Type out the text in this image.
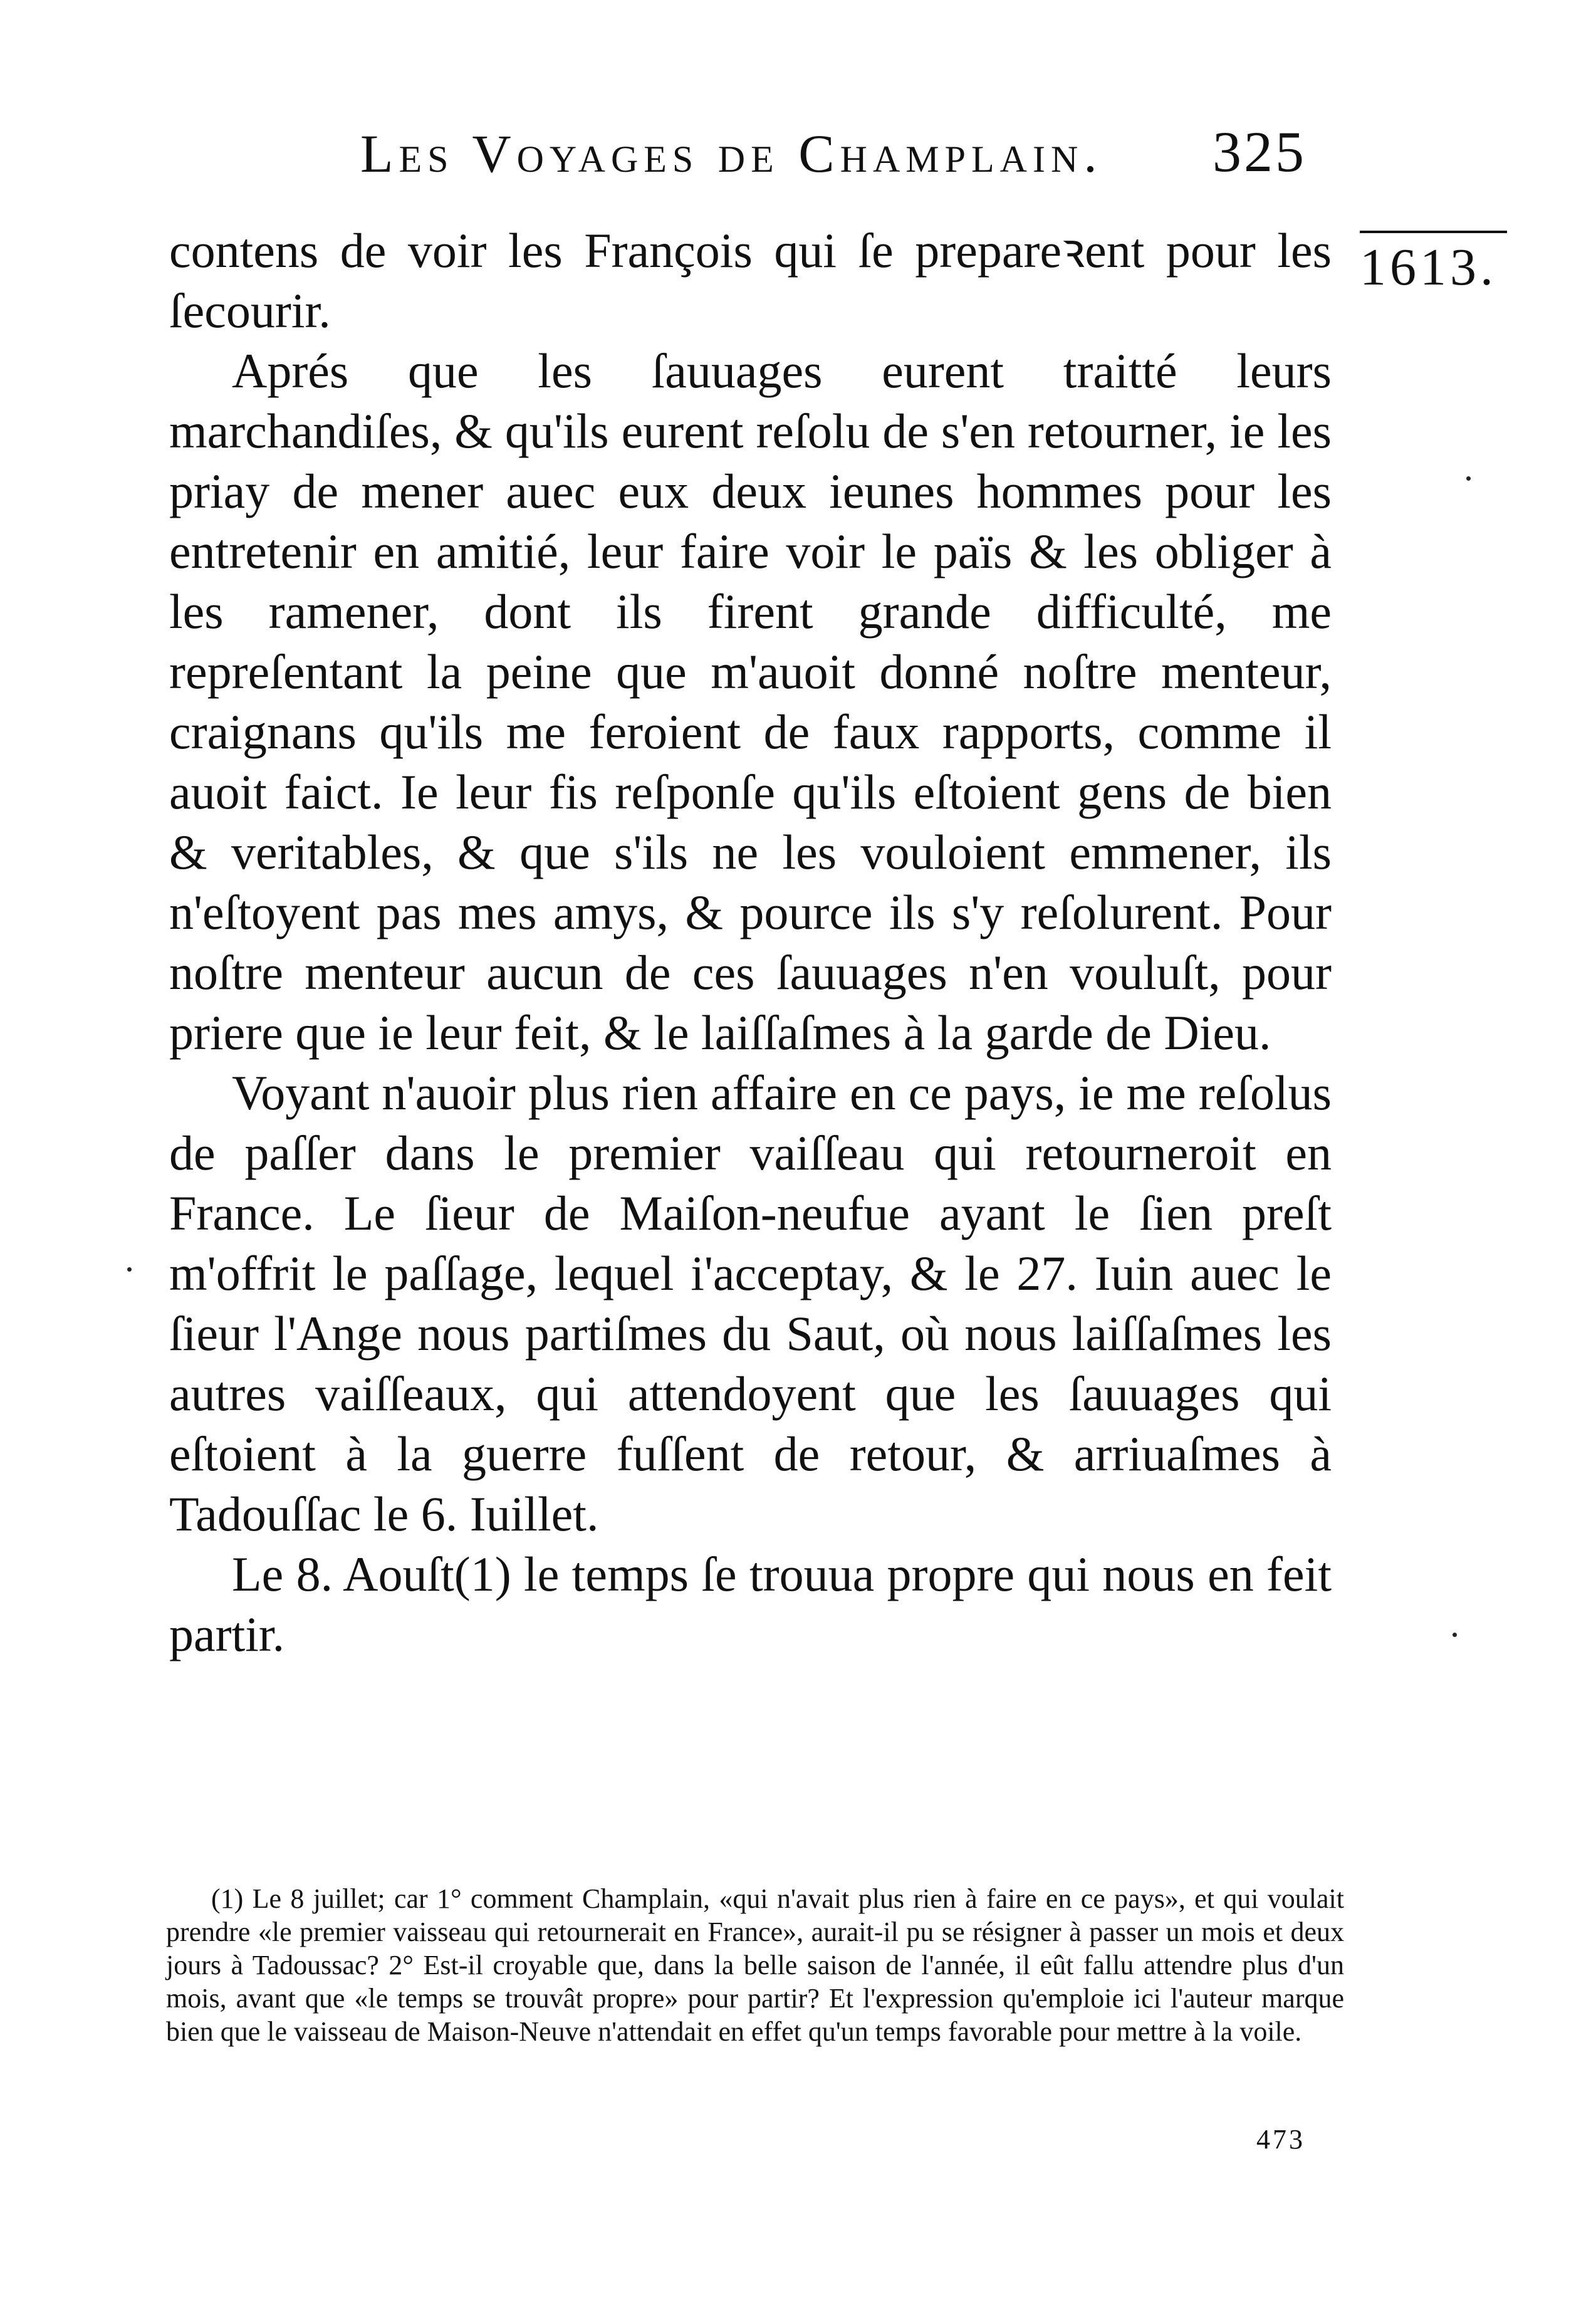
Les Voyages de Champlain. 325
1613.

contens de voir les François qui ſe prepareꝛent pour les ſecourir.

Aprés que les ſauuages eurent traitté leurs marchandiſes, & qu'ils eurent reſolu de s'en retourner, ie les priay de mener auec eux deux ieunes hommes pour les entretenir en amitié, leur faire voir le païs & les obliger à les ramener, dont ils firent grande difficulté, me repreſentant la peine que m'auoit donné noſtre menteur, craignans qu'ils me feroient de faux rapports, comme il auoit faict. Ie leur fis reſponſe qu'ils eſtoient gens de bien & veritables, & que s'ils ne les vouloient emmener, ils n'eſtoyent pas mes amys, & pource ils s'y reſolurent. Pour noſtre menteur aucun de ces ſauuages n'en vouluſt, pour priere que ie leur feit, & le laiſſaſmes à la garde de Dieu.

Voyant n'auoir plus rien affaire en ce pays, ie me reſolus de paſſer dans le premier vaiſſeau qui retourneroit en France. Le ſieur de Maiſon-neufue ayant le ſien preſt m'offrit le paſſage, lequel i'acceptay, & le 27. Iuin auec le ſieur l'Ange nous partiſmes du Saut, où nous laiſſaſmes les autres vaiſſeaux, qui attendoyent que les ſauuages qui eſtoient à la guerre fuſſent de retour, & arriuaſmes à Tadouſſac le 6. Iuillet.

Le 8. Aouſt(1) le temps ſe trouua propre qui nous en feit partir.

(1) Le 8 juillet; car 1° comment Champlain, «qui n'avait plus rien à faire en ce pays», et qui voulait prendre «le premier vaisseau qui retournerait en France», aurait-il pu se résigner à passer un mois et deux jours à Tadoussac? 2° Est-il croyable que, dans la belle saison de l'année, il eût fallu attendre plus d'un mois, avant que «le temps se trouvât propre» pour partir? Et l'expression qu'emploie ici l'auteur marque bien que le vaisseau de Maison-Neuve n'attendait en effet qu'un temps favorable pour mettre à la voile.
473
